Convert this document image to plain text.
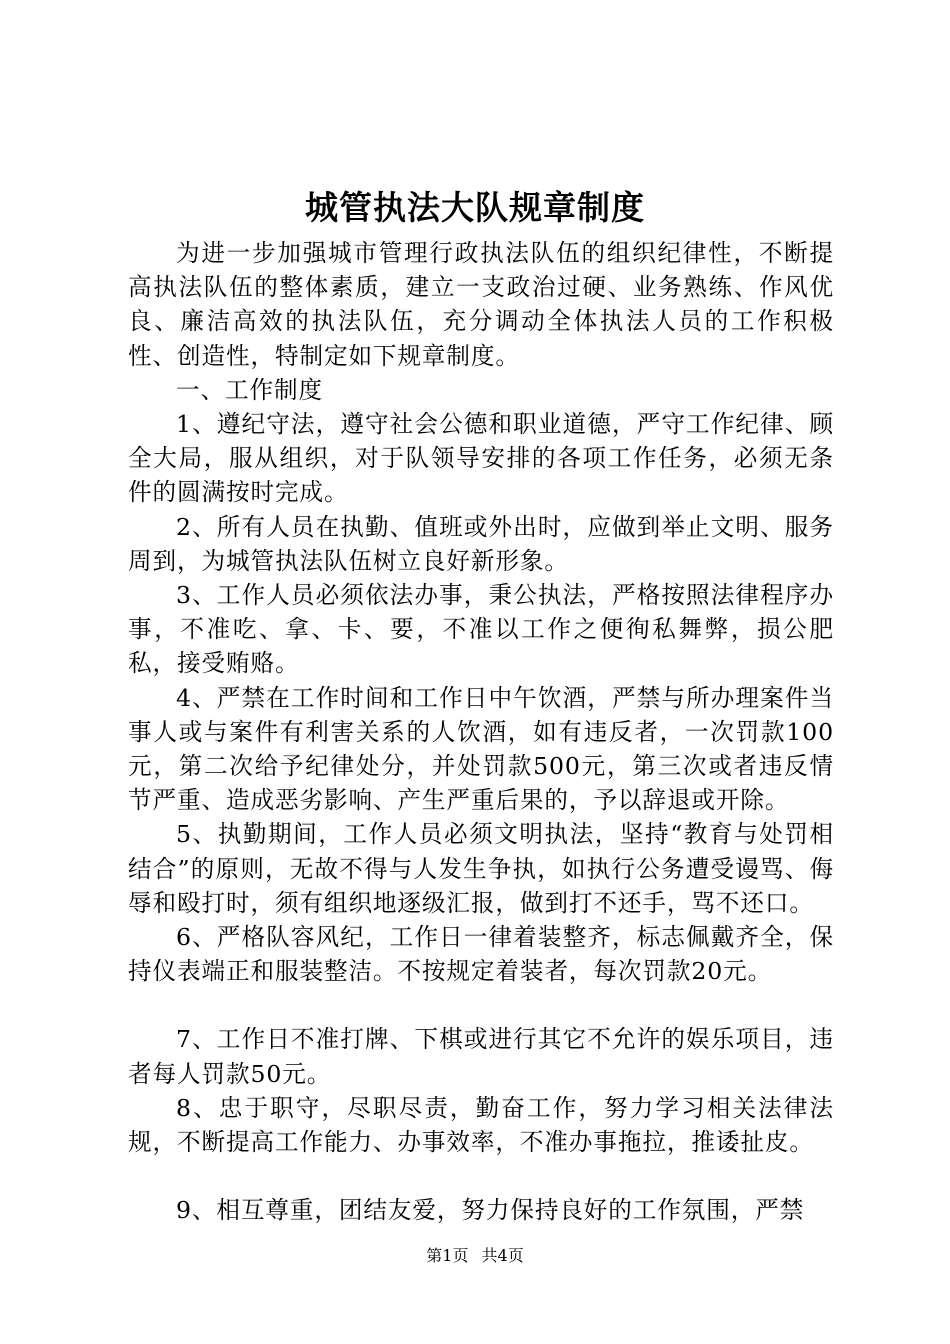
城管执法大队规章制度

为进一步加强城市管理行政执法队伍的组织纪律性，不断提高执法队伍的整体素质，建立一支政治过硬、业务熟练、作风优良、廉洁高效的执法队伍，充分调动全体执法人员的工作积极性、创造性，特制定如下规章制度。

一、工作制度

1、遵纪守法，遵守社会公德和职业道德，严守工作纪律、顾全大局，服从组织，对于队领导安排的各项工作任务，必须无条件的圆满按时完成。

2、所有人员在执勤、值班或外出时，应做到举止文明、服务周到，为城管执法队伍树立良好新形象。

3、工作人员必须依法办事，秉公执法，严格按照法律程序办事，不准吃、拿、卡、要，不准以工作之便徇私舞弊，损公肥私，接受贿赂。

4、严禁在工作时间和工作日中午饮酒，严禁与所办理案件当事人或与案件有利害关系的人饮酒，如有违反者，一次罚款100元，第二次给予纪律处分，并处罚款500元，第三次或者违反情节严重、造成恶劣影响、产生严重后果的，予以辞退或开除。

5、执勤期间，工作人员必须文明执法，坚持“教育与处罚相结合”的原则，无故不得与人发生争执，如执行公务遭受谩骂、侮辱和殴打时，须有组织地逐级汇报，做到打不还手，骂不还口。

6、严格队容风纪，工作日一律着装整齐，标志佩戴齐全，保持仪表端正和服装整洁。不按规定着装者，每次罚款20元。

7、工作日不准打牌、下棋或进行其它不允许的娱乐项目，违者每人罚款50元。

8、忠于职守，尽职尽责，勤奋工作，努力学习相关法律法规，不断提高工作能力、办事效率，不准办事拖拉，推诿扯皮。

9、相互尊重，团结友爱，努力保持良好的工作氛围，严禁

第1页 共4页
